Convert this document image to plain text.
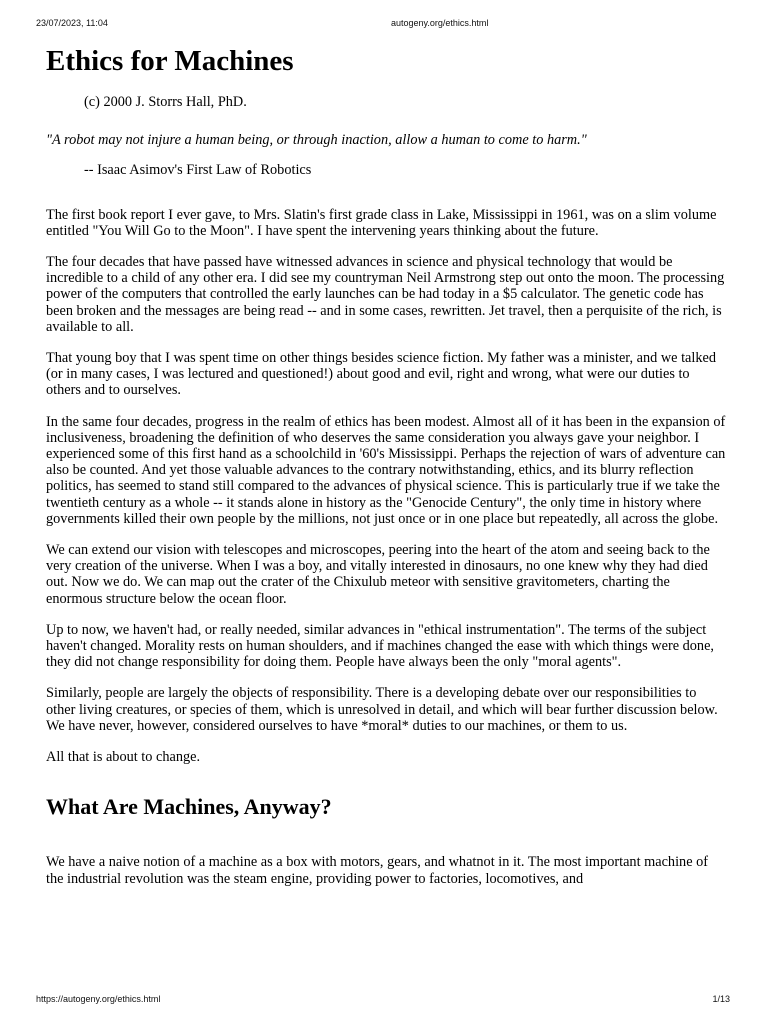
23/07/2023, 11:04	autogeny.org/ethics.html
Ethics for Machines

(c) 2000 J. Storrs Hall, PhD.

"A robot may not injure a human being, or through inaction, allow a human to come to harm."

-- Isaac Asimov's First Law of Robotics

The first book report I ever gave, to Mrs. Slatin's first grade class in Lake, Mississippi in 1961, was on a slim volume entitled "You Will Go to the Moon". I have spent the intervening years thinking about the future.

The four decades that have passed have witnessed advances in science and physical technology that would be incredible to a child of any other era. I did see my countryman Neil Armstrong step out onto the moon. The processing power of the computers that controlled the early launches can be had today in a $5 calculator. The genetic code has been broken and the messages are being read -- and in some cases, rewritten. Jet travel, then a perquisite of the rich, is available to all.

That young boy that I was spent time on other things besides science fiction. My father was a minister, and we talked (or in many cases, I was lectured and questioned!) about good and evil, right and wrong, what were our duties to others and to ourselves.

In the same four decades, progress in the realm of ethics has been modest. Almost all of it has been in the expansion of inclusiveness, broadening the definition of who deserves the same consideration you always gave your neighbor. I experienced some of this first hand as a schoolchild in '60's Mississippi. Perhaps the rejection of wars of adventure can also be counted. And yet those valuable advances to the contrary notwithstanding, ethics, and its blurry reflection politics, has seemed to stand still compared to the advances of physical science. This is particularly true if we take the twentieth century as a whole -- it stands alone in history as the "Genocide Century", the only time in history where governments killed their own people by the millions, not just once or in one place but repeatedly, all across the globe.

We can extend our vision with telescopes and microscopes, peering into the heart of the atom and seeing back to the very creation of the universe. When I was a boy, and vitally interested in dinosaurs, no one knew why they had died out. Now we do. We can map out the crater of the Chixulub meteor with sensitive gravitometers, charting the enormous structure below the ocean floor.

Up to now, we haven't had, or really needed, similar advances in "ethical instrumentation". The terms of the subject haven't changed. Morality rests on human shoulders, and if machines changed the ease with which things were done, they did not change responsibility for doing them. People have always been the only "moral agents".

Similarly, people are largely the objects of responsibility. There is a developing debate over our responsibilities to other living creatures, or species of them, which is unresolved in detail, and which will bear further discussion below. We have never, however, considered ourselves to have *moral* duties to our machines, or them to us.

All that is about to change.

What Are Machines, Anyway?

We have a naive notion of a machine as a box with motors, gears, and whatnot in it. The most important machine of the industrial revolution was the steam engine, providing power to factories, locomotives, and

https://autogeny.org/ethics.html	1/13
